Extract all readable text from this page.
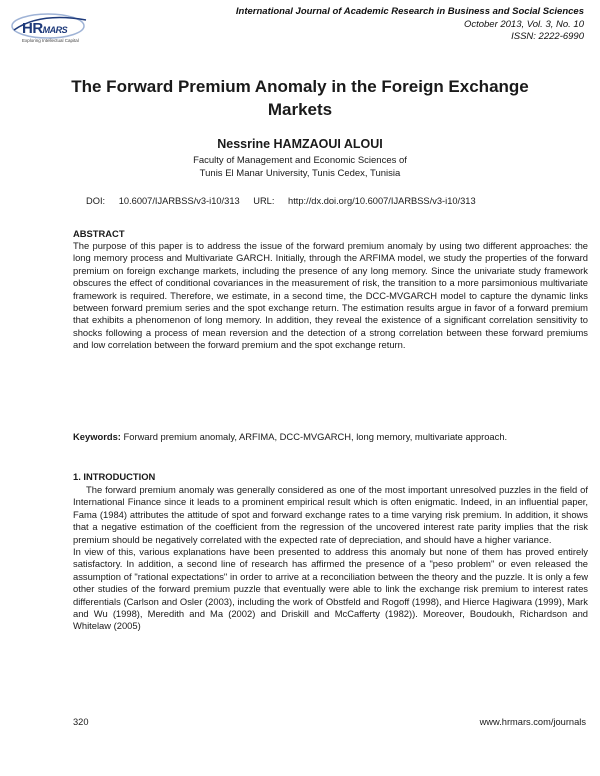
HRMARS
Exploring Intellectual Capital
International Journal of Academic Research in Business and Social Sciences
October 2013, Vol. 3, No. 10
ISSN: 2222-6990
The Forward Premium Anomaly in the Foreign Exchange
Markets
Nessrine HAMZAOUI ALOUI
Faculty of Management and Economic Sciences of
Tunis El Manar University, Tunis Cedex, Tunisia
DOI: 10.6007/IJARBSS/v3-i10/313 URL: http://dx.doi.org/10.6007/IJARBSS/v3-i10/313
ABSTRACT
The purpose of this paper is to address the issue of the forward premium anomaly by using two different approaches: the long memory process and Multivariate GARCH. Initially, through the ARFIMA model, we study the properties of the forward premium on foreign exchange markets, including the presence of any long memory. Since the univariate study framework obscures the effect of conditional covariances in the measurement of risk, the transition to a more parsimonious multivariate framework is required. Therefore, we estimate, in a second time, the DCC-MVGARCH model to capture the dynamic links between forward premium series and the spot exchange return. The estimation results argue in favor of a forward premium that exhibits a phenomenon of long memory. In addition, they reveal the existence of a significant correlation sensitivity to shocks following a process of mean reversion and the detection of a strong correlation between these forward premiums and low correlation between the forward premium and the spot exchange return.
Keywords: Forward premium anomaly, ARFIMA, DCC-MVGARCH, long memory, multivariate approach.
1. INTRODUCTION

The forward premium anomaly was generally considered as one of the most important unresolved puzzles in the field of International Finance since it leads to a prominent empirical result which is often enigmatic. Indeed, in an influential paper, Fama (1984) attributes the attitude of spot and forward exchange rates to a time varying risk premium. In addition, it shows that a negative estimation of the coefficient from the regression of the uncovered interest rate parity implies that the risk premium should be negatively correlated with the expected rate of depreciation, and should have a higher variance.

In view of this, various explanations have been presented to address this anomaly but none of them has proved entirely satisfactory. In addition, a second line of research has affirmed the presence of a "peso problem" or even released the assumption of "rational expectations" in order to arrive at a reconciliation between the theory and the puzzle. It is only a few other studies of the forward premium puzzle that eventually were able to link the exchange risk premium to interest rates differentials (Carlson and Osler (2003), including the work of Obstfeld and Rogoff (1998), and Hierce Hagiwara (1999), Mark and Wu (1998), Meredith and Ma (2002) and Driskill and McCafferty (1982)). Moreover, Boudoukh, Richardson and Whitelaw (2005)

320	www.hrmars.com/journals
